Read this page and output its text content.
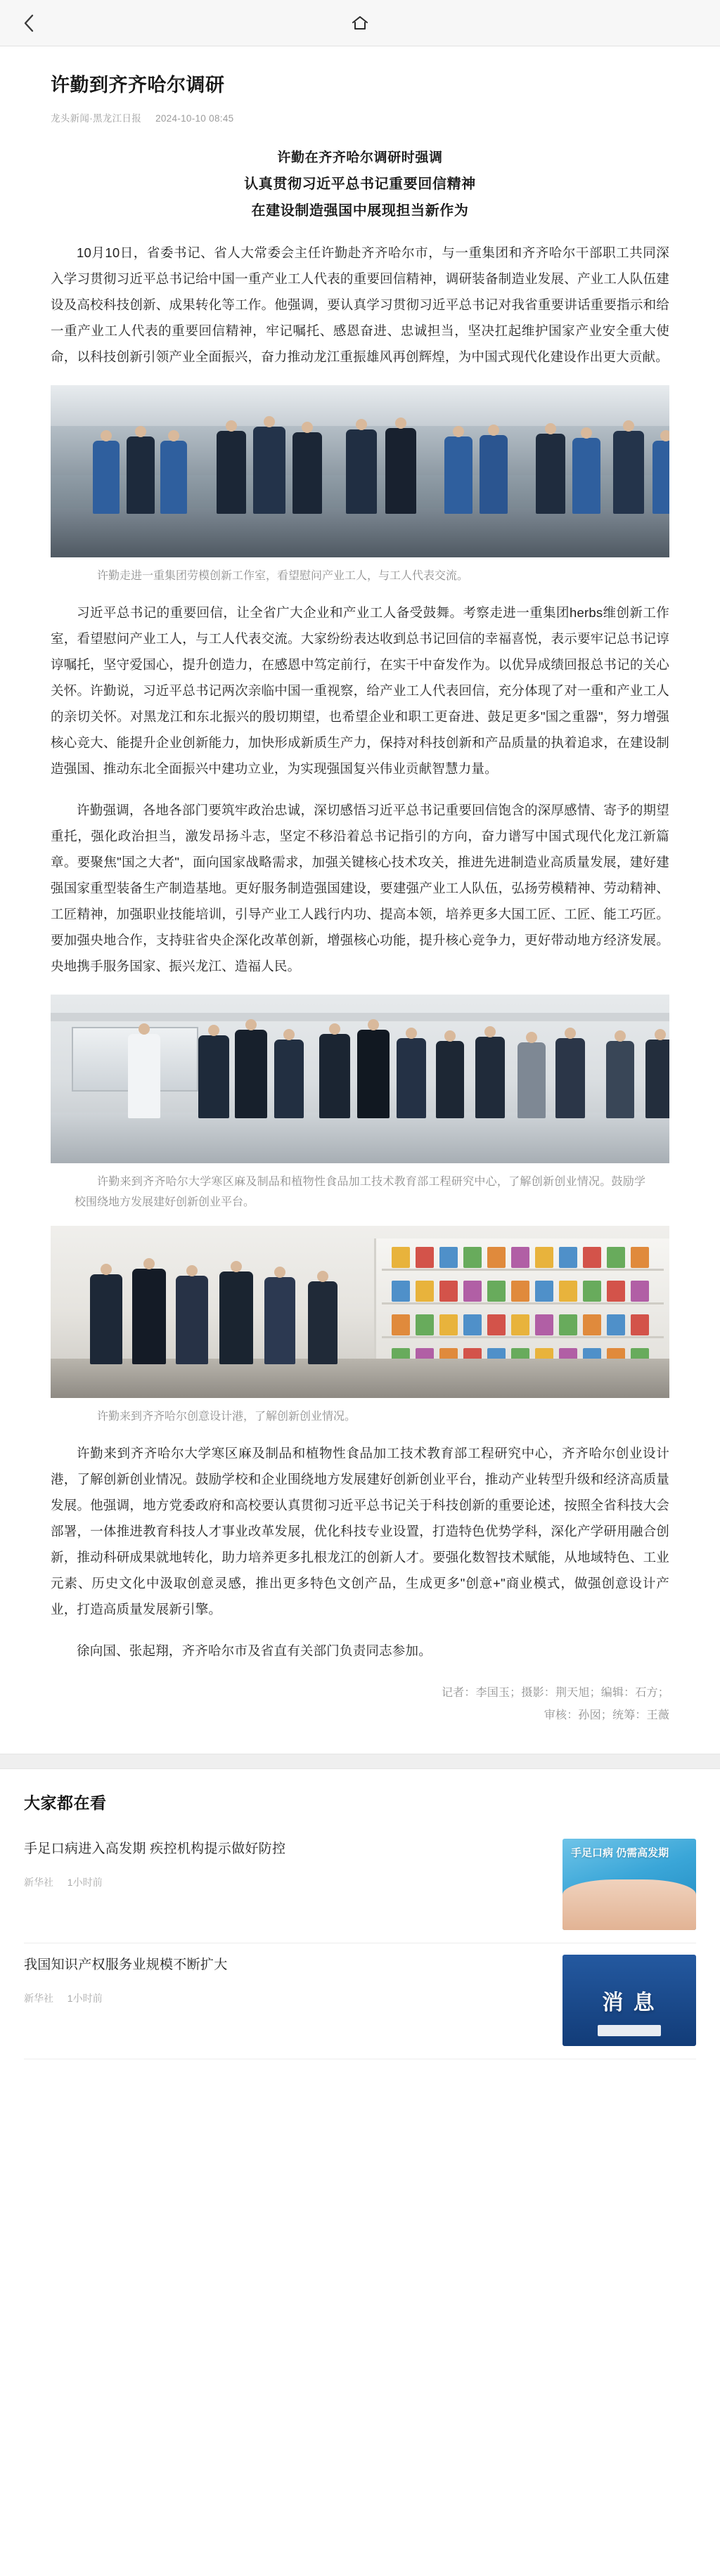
许勤到齐齐哈尔调研
龙头新闻·黑龙江日报 2024-10-10 08:45
许勤在齐齐哈尔调研时强调
认真贯彻习近平总书记重要回信精神
在建设制造强国中展现担当新作为

10月10日，省委书记、省人大常委会主任许勤赴齐齐哈尔市，与一重集团和齐齐哈尔干部职工共同深入学习贯彻习近平总书记给中国一重产业工人代表的重要回信精神，调研装备制造业发展、产业工人队伍建设及高校科技创新、成果转化等工作。他强调，要认真学习贯彻习近平总书记对我省重要讲话重要指示和给一重产业工人代表的重要回信精神，牢记嘱托、感恩奋进、忠诚担当，坚决扛起维护国家产业安全重大使命，以科技创新引领产业全面振兴，奋力推动龙江重振雄风再创辉煌，为中国式现代化建设作出更大贡献。

许勤走进一重集团劳模创新工作室，看望慰问产业工人，与工人代表交流。

习近平总书记的重要回信，让全省广大企业和产业工人备受鼓舞。考察走进一重集团herbs维创新工作室，看望慰问产业工人，与工人代表交流。大家纷纷表达收到总书记回信的幸福喜悦，表示要牢记总书记谆谆嘱托，坚守爱国心，提升创造力，在感恩中笃定前行，在实干中奋发作为。以优异成绩回报总书记的关心关怀。许勤说，习近平总书记两次亲临中国一重视察，给产业工人代表回信，充分体现了对一重和产业工人的亲切关怀。对黑龙江和东北振兴的殷切期望，也希望企业和职工更奋进、鼓足更多"国之重器"，努力增强核心竞大、能提升企业创新能力，加快形成新质生产力，保持对科技创新和产品质量的执着追求，在建设制造强国、推动东北全面振兴中建功立业，为实现强国复兴伟业贡献智慧力量。

许勤强调，各地各部门要筑牢政治忠诚，深切感悟习近平总书记重要回信饱含的深厚感情、寄予的期望重托，强化政治担当，激发昂扬斗志，坚定不移沿着总书记指引的方向，奋力谱写中国式现代化龙江新篇章。要聚焦"国之大者"，面向国家战略需求，加强关键核心技术攻关，推进先进制造业高质量发展，建好建强国家重型装备生产制造基地。更好服务制造强国建设，要建强产业工人队伍，弘扬劳模精神、劳动精神、工匠精神，加强职业技能培训，引导产业工人践行内功、提高本领，培养更多大国工匠、工匠、能工巧匠。要加强央地合作，支持驻省央企深化改革创新，增强核心功能，提升核心竞争力，更好带动地方经济发展。央地携手服务国家、振兴龙江、造福人民。

许勤来到齐齐哈尔大学寒区麻及制品和植物性食品加工技术教育部工程研究中心，了解创新创业情况。鼓励学校围绕地方发展建好创新创业平台。
许勤来到齐齐哈尔创意设计港，了解创新创业情况。

许勤来到齐齐哈尔大学寒区麻及制品和植物性食品加工技术教育部工程研究中心，齐齐哈尔创业设计港，了解创新创业情况。鼓励学校和企业围绕地方发展建好创新创业平台，推动产业转型升级和经济高质量发展。他强调，地方党委政府和高校要认真贯彻习近平总书记关于科技创新的重要论述，按照全省科技大会部署，一体推进教育科技人才事业改革发展，优化科技专业设置，打造特色优势学科，深化产学研用融合创新，推动科研成果就地转化，助力培养更多扎根龙江的创新人才。要强化数智技术赋能，从地域特色、工业元素、历史文化中汲取创意灵感，推出更多特色文创产品，生成更多"创意+"商业模式，做强创意设计产业，打造高质量发展新引擎。

徐向国、张起翔，齐齐哈尔市及省直有关部门负责同志参加。

记者：李国玉；摄影：荆天旭；编辑：石方；
审核：孙囡；统筹：王薇
大家都在看
手足口病进入高发期 疾控机构提示做好防控
新华社 1小时前
手足口病 仍需高发期
我国知识产权服务业规模不断扩大
新华社 1小时前	消 息
